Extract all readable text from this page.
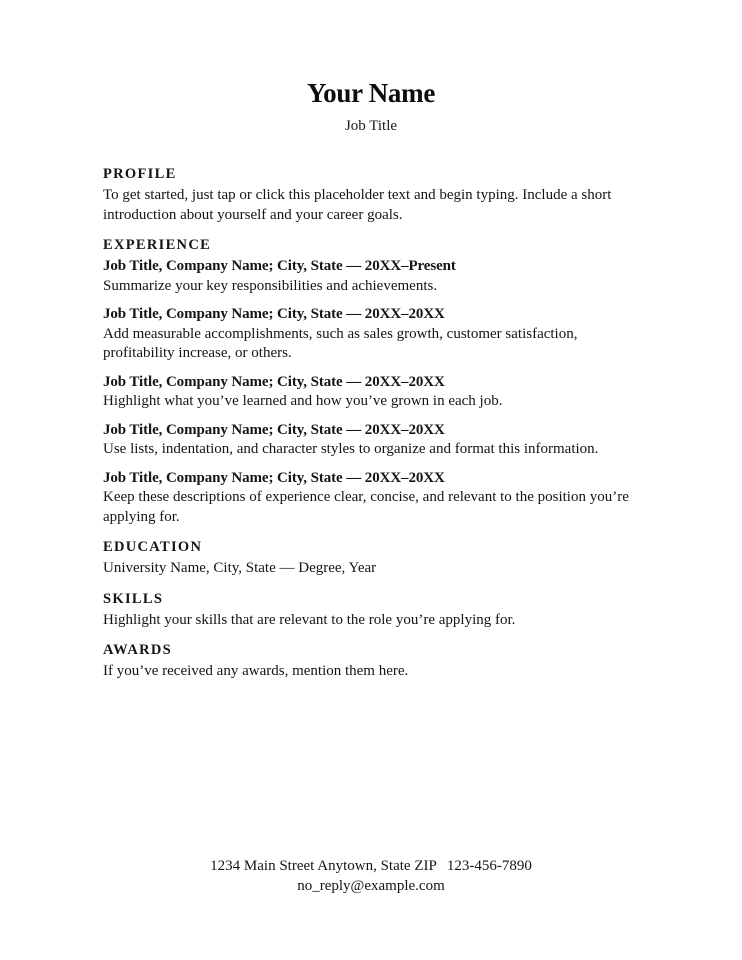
Your Name
Job Title
PROFILE
To get started, just tap or click this placeholder text and begin typing. Include a short introduction about yourself and your career goals.
EXPERIENCE
Job Title, Company Name; City, State — 20XX–Present
Summarize your key responsibilities and achievements.
Job Title, Company Name; City, State — 20XX–20XX
Add measurable accomplishments, such as sales growth, customer satisfaction, profitability increase, or others.
Job Title, Company Name; City, State — 20XX–20XX
Highlight what you’ve learned and how you’ve grown in each job.
Job Title, Company Name; City, State — 20XX–20XX
Use lists, indentation, and character styles to organize and format this information.
Job Title, Company Name; City, State — 20XX–20XX
Keep these descriptions of experience clear, concise, and relevant to the position you’re applying for.
EDUCATION
University Name, City, State — Degree, Year
SKILLS
Highlight your skills that are relevant to the role you’re applying for.
AWARDS
If you’ve received any awards, mention them here.
1234 Main Street Anytown, State ZIP 123-456-7890
no_reply@example.com
